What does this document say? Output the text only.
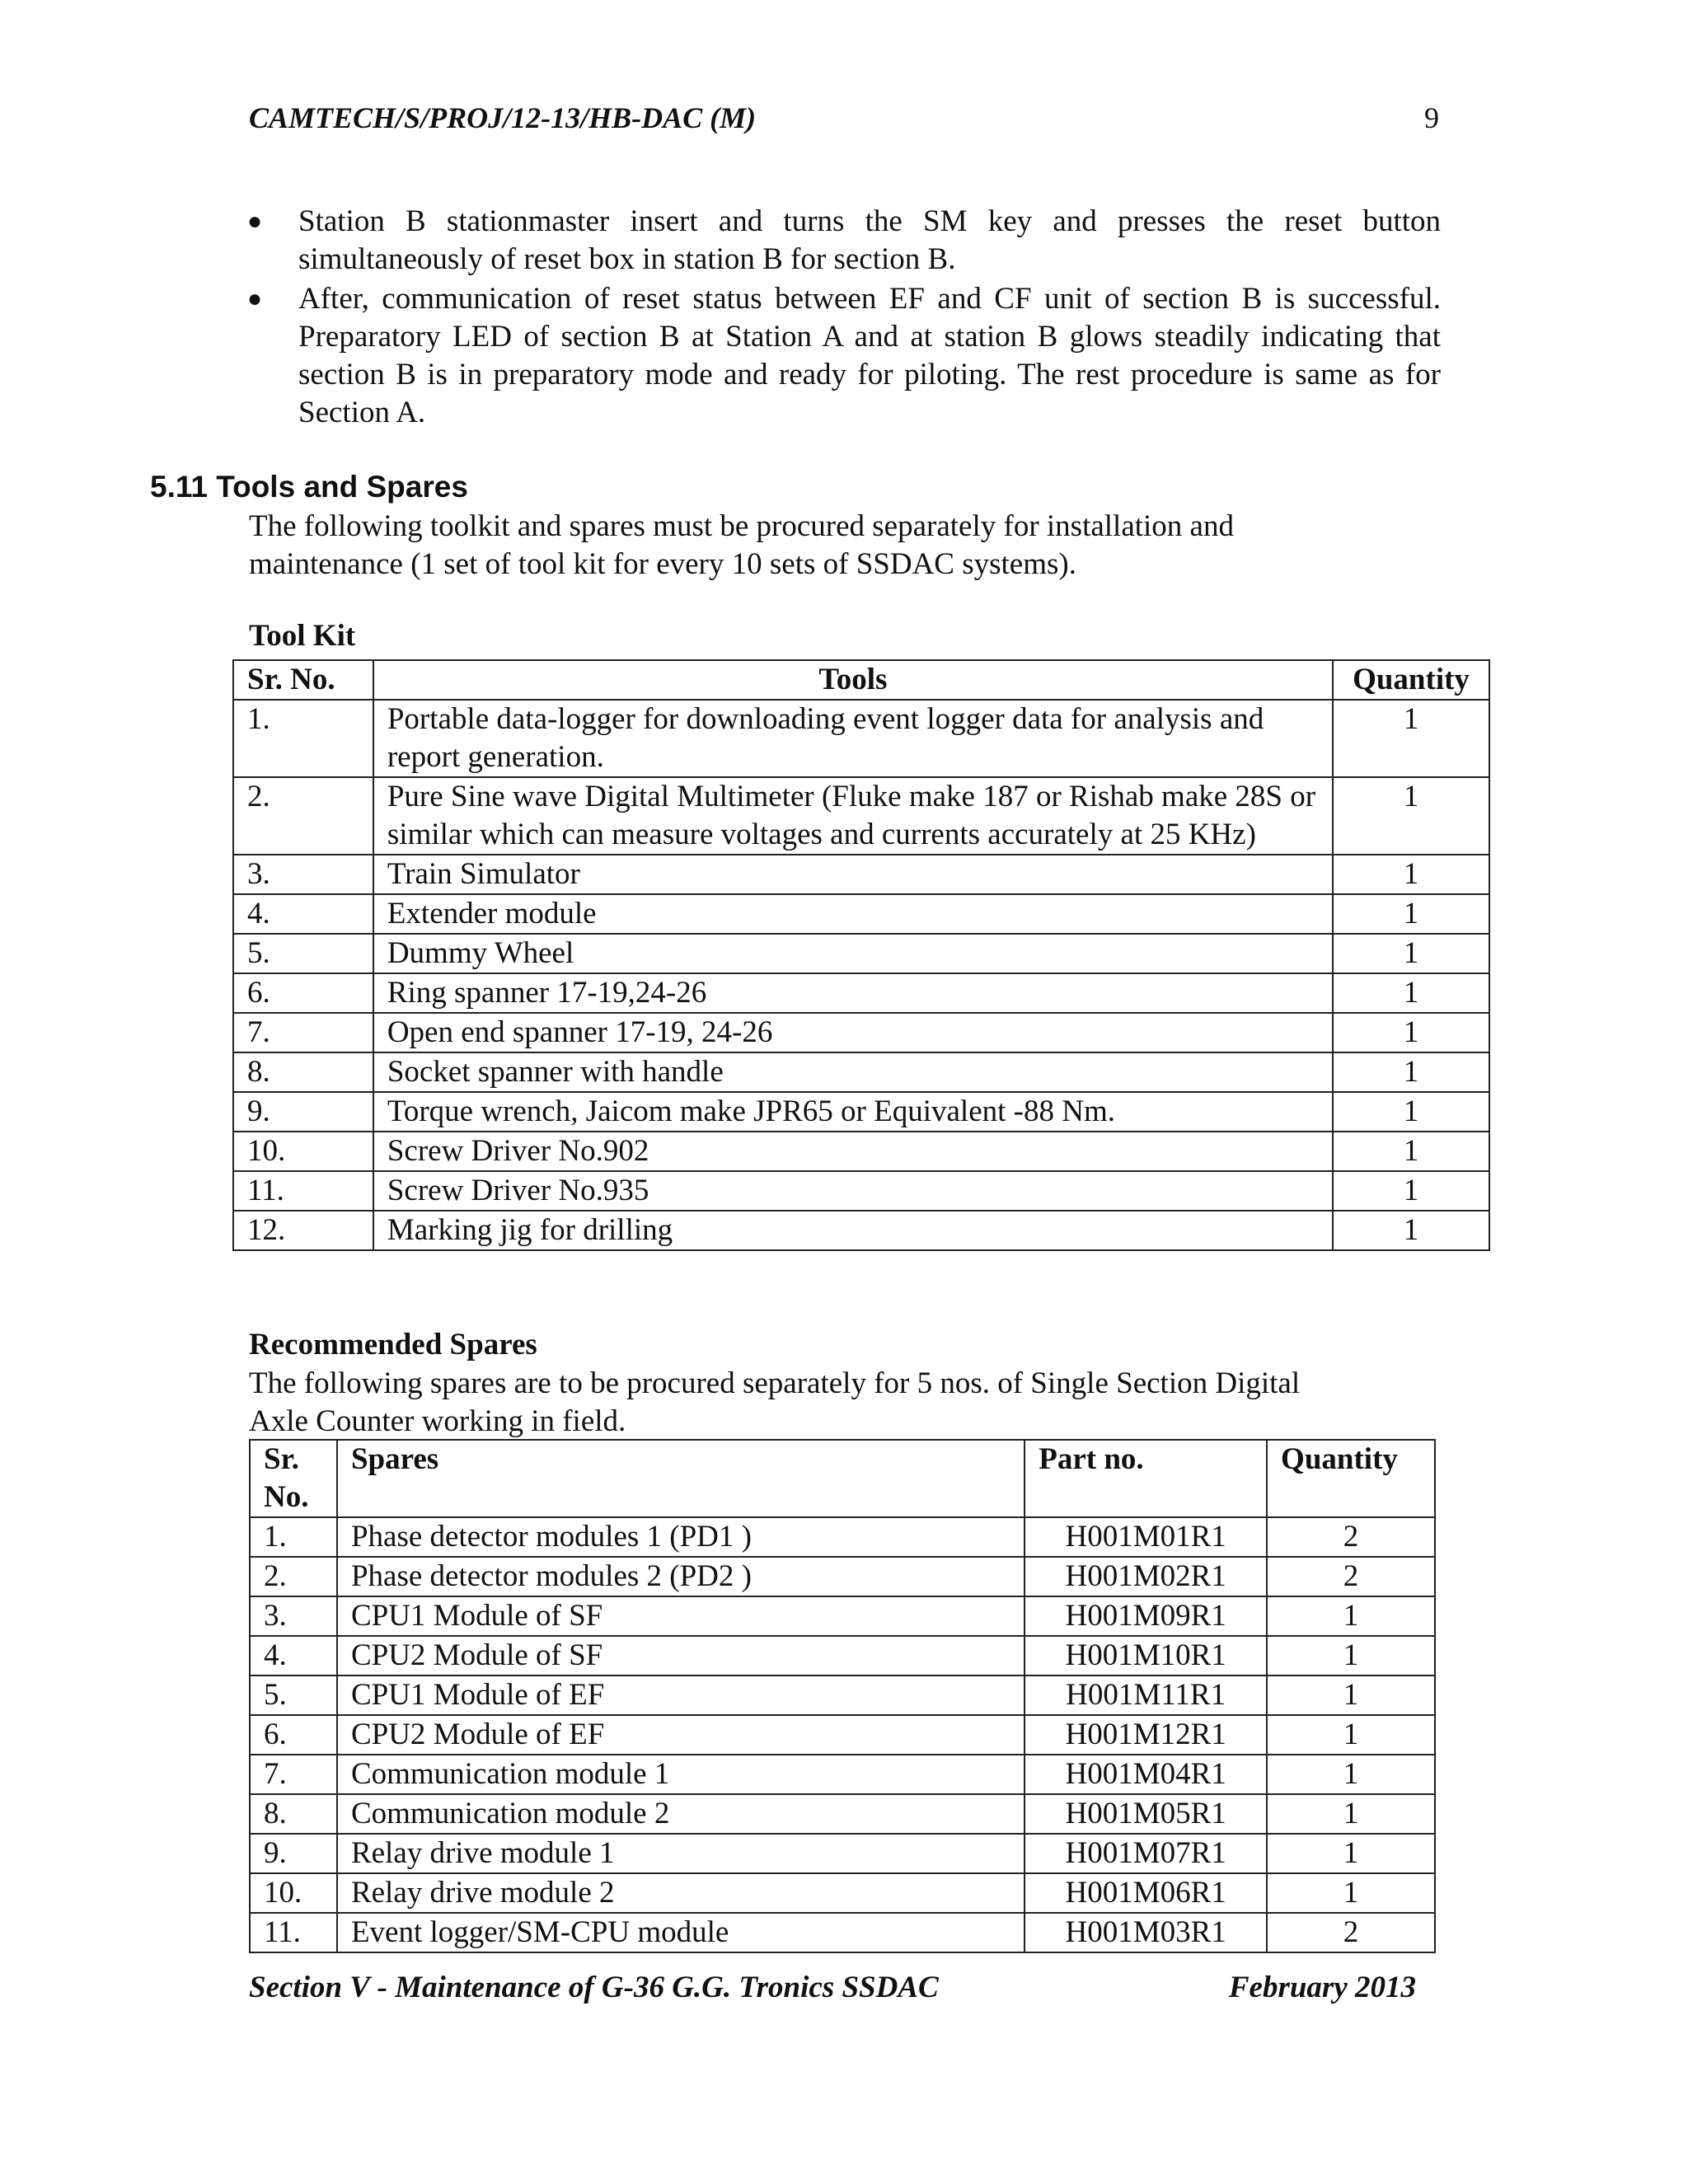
CAMTECH/S/PROJ/12-13/HB-DAC (M)	9
●	Station B stationmaster insert and turns the SM key and presses the reset button simultaneously of reset box in station B for section B.
●	After, communication of reset status between EF and CF unit of section B is successful. Preparatory LED of section B at Station A and at station B glows steadily indicating that section B is in preparatory mode and ready for piloting. The rest procedure is same as for Section A.
5.11 Tools and Spares
The following toolkit and spares must be procured separately for installation and
maintenance (1 set of tool kit for every 10 sets of SSDAC systems).
Tool Kit
Sr. No.	Tools	Quantity
1.	Portable data-logger for downloading event logger data for analysis and report generation.	1
2.	Pure Sine wave Digital Multimeter (Fluke make 187 or Rishab make 28S or similar which can measure voltages and currents accurately at 25 KHz)	1
3.	Train Simulator	1
4.	Extender module	1
5.	Dummy Wheel	1
6.	Ring spanner 17-19,24-26	1
7.	Open end spanner 17-19, 24-26	1
8.	Socket spanner with handle	1
9.	Torque wrench, Jaicom make JPR65 or Equivalent -88 Nm.	1
10.	Screw Driver No.902	1
11.	Screw Driver No.935	1
12.	Marking jig for drilling	1
Recommended Spares
The following spares are to be procured separately for 5 nos. of Single Section Digital
Axle Counter working in field.
Sr.
No.	Spares	Part no.	Quantity
1.	Phase detector modules 1 (PD1 )	H001M01R1	2
2.	Phase detector modules 2 (PD2 )	H001M02R1	2
3.	CPU1 Module of SF	H001M09R1	1
4.	CPU2 Module of SF	H001M10R1	1
5.	CPU1 Module of EF	H001M11R1	1
6.	CPU2 Module of EF	H001M12R1	1
7.	Communication module 1	H001M04R1	1
8.	Communication module 2	H001M05R1	1
9.	Relay drive module 1	H001M07R1	1
10.	Relay drive module 2	H001M06R1	1
11.	Event logger/SM-CPU module	H001M03R1	2
Section V - Maintenance of G-36 G.G. Tronics SSDAC	February 2013
